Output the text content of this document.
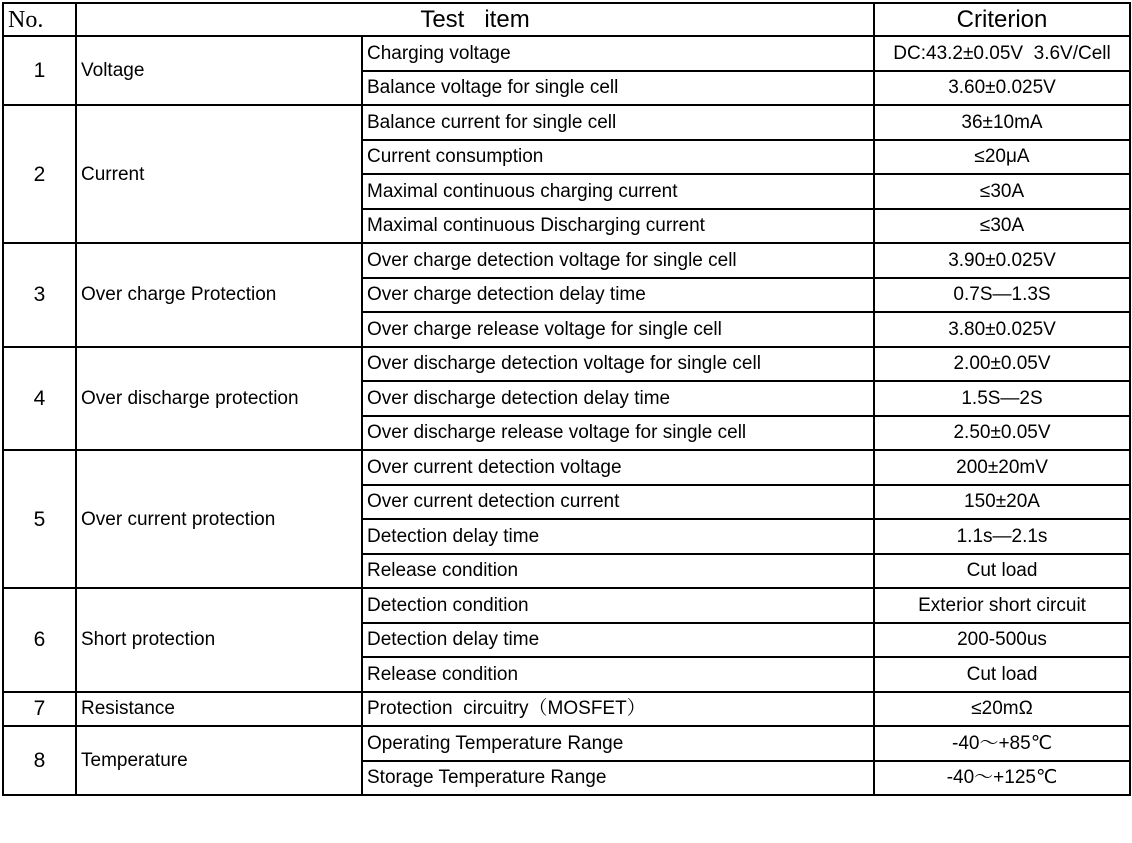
No.	Test   item		Criterion
1	Voltage	Charging voltage	DC:43.2±0.05V  3.6V/Cell
		Balance voltage for single cell	3.60±0.025V
2	Current	Balance current for single cell	36±10mA
		Current consumption	≤20μA
		Maximal continuous charging current	≤30A
		Maximal continuous Discharging current	≤30A
3	Over charge Protection	Over charge detection voltage for single cell	3.90±0.025V
		Over charge detection delay time	0.7S—1.3S
		Over charge release voltage for single cell	3.80±0.025V
4	Over discharge protection	Over discharge detection voltage for single cell	2.00±0.05V
		Over discharge detection delay time	1.5S—2S
		Over discharge release voltage for single cell	2.50±0.05V
5	Over current protection	Over current detection voltage	200±20mV
		Over current detection current	150±20A
		Detection delay time	1.1s—2.1s
		Release condition	Cut load
6	Short protection	Detection condition	Exterior short circuit
		Detection delay time	200-500us
		Release condition	Cut load
7	Resistance	Protection  circuitry（MOSFET）	≤20mΩ
8	Temperature	Operating Temperature Range	-40～+85℃
		Storage Temperature Range	-40～+125℃
